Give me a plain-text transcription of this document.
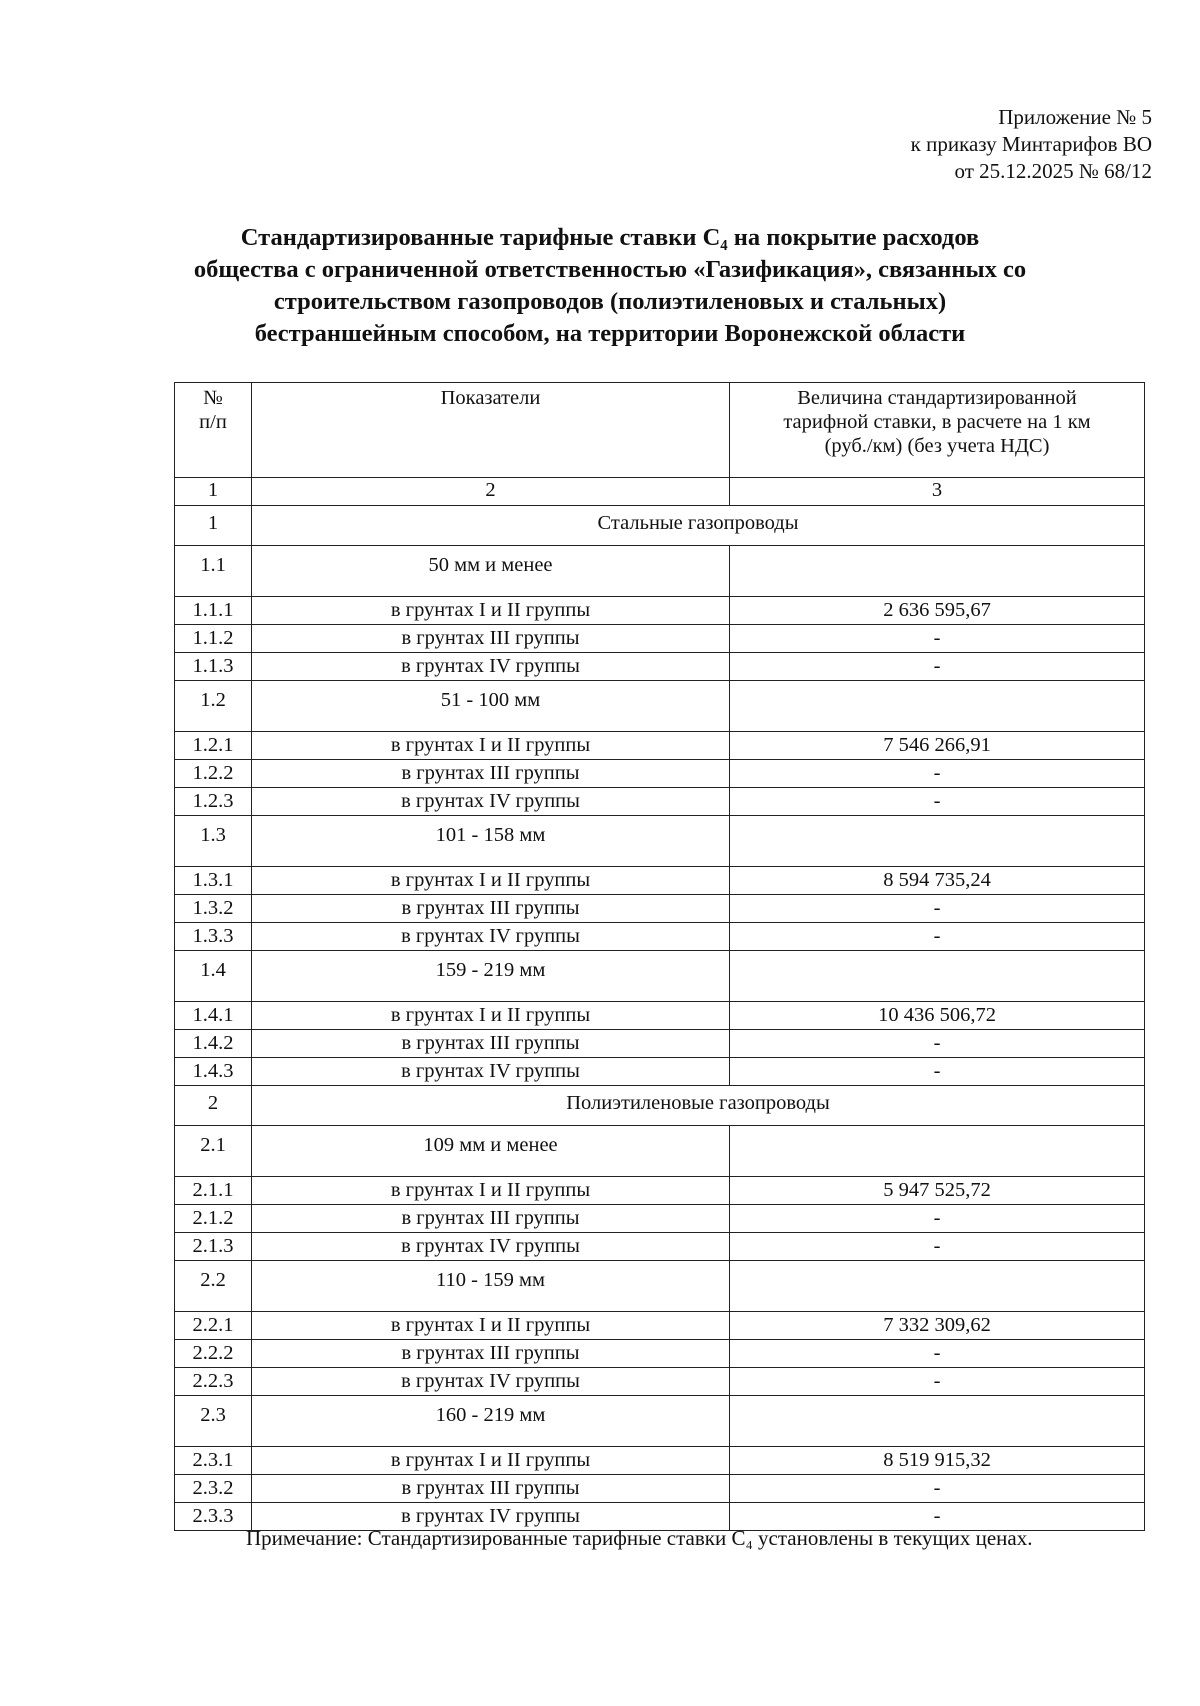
Приложение № 5
к приказу Минтарифов ВО
от 25.12.2025 № 68/12
Стандартизированные тарифные ставки С₄ на покрытие расходов
общества с ограниченной ответственностью «Газификация», связанных со
строительством газопроводов (полиэтиленовых и стальных)
бестраншейным способом, на территории Воронежской области
№
п/п	Показатели	Величина стандартизированной тарифной ставки, в расчете на 1 км (руб./км) (без учета НДС)
1	2	3
1	Стальные газопроводы	
1.1	50 мм и менее	
1.1.1	в грунтах I и II группы	2 636 595,67
1.1.2	в грунтах III группы	-
1.1.3	в грунтах IV группы	-
1.2	51 - 100 мм	
1.2.1	в грунтах I и II группы	7 546 266,91
1.2.2	в грунтах III группы	-
1.2.3	в грунтах IV группы	-
1.3	101 - 158 мм	
1.3.1	в грунтах I и II группы	8 594 735,24
1.3.2	в грунтах III группы	-
1.3.3	в грунтах IV группы	-
1.4	159 - 219 мм	
1.4.1	в грунтах I и II группы	10 436 506,72
1.4.2	в грунтах III группы	-
1.4.3	в грунтах IV группы	-
2	Полиэтиленовые газопроводы	
2.1	109 мм и менее	
2.1.1	в грунтах I и II группы	5 947 525,72
2.1.2	в грунтах III группы	-
2.1.3	в грунтах IV группы	-
2.2	110 - 159 мм	
2.2.1	в грунтах I и II группы	7 332 309,62
2.2.2	в грунтах III группы	-
2.2.3	в грунтах IV группы	-
2.3	160 - 219 мм	
2.3.1	в грунтах I и II группы	8 519 915,32
2.3.2	в грунтах III группы	-
2.3.3	в грунтах IV группы	-
Примечание: Стандартизированные тарифные ставки С₄ установлены в текущих ценах.
